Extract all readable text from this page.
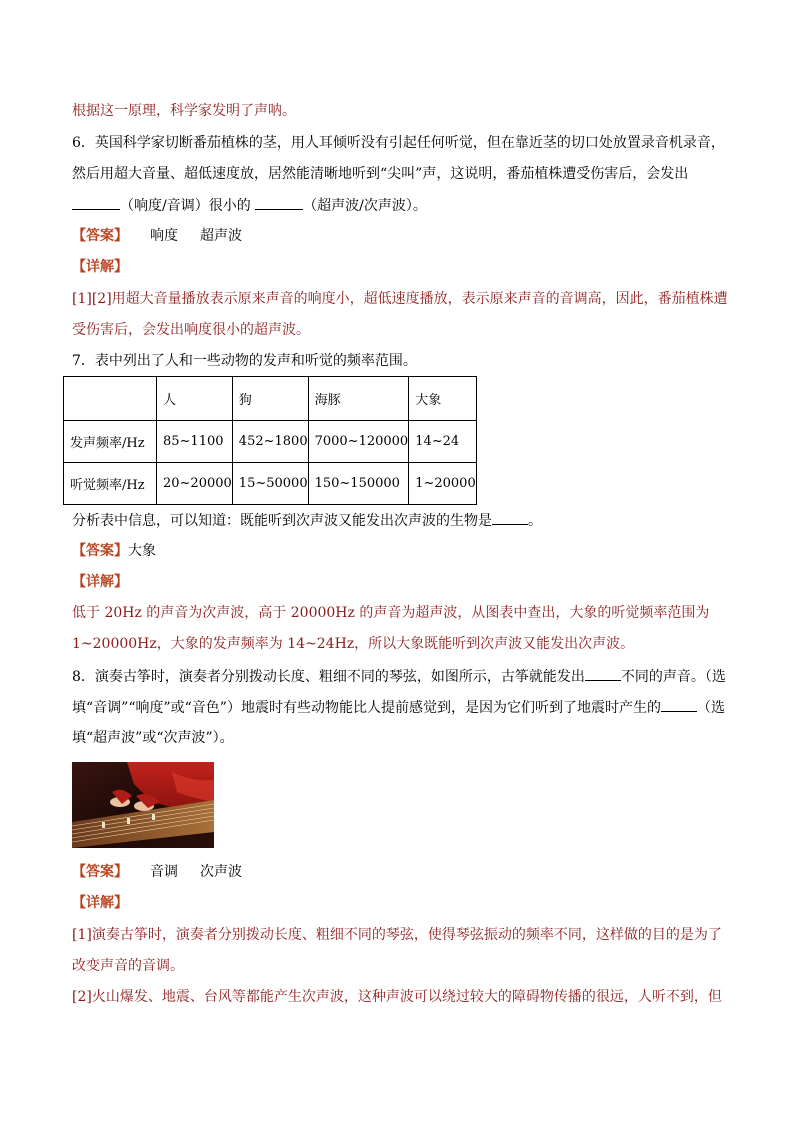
根据这一原理，科学家发明了声呐。
6．英国科学家切断番茄植株的茎，用人耳倾听没有引起任何听觉，但在靠近茎的切口处放置录音机录音，
然后用超大音量、超低速度放，居然能清晰地听到“尖叫”声，这说明，番茄植株遭受伤害后，会发出
（响度/音调）很小的	（超声波/次声波）。
【答案】 响度 超声波
【详解】
[1][2]用超大音量播放表示原来声音的响度小，超低速度播放，表示原来声音的音调高，因此，番茄植株遭
受伤害后，会发出响度很小的超声波。
7．表中列出了人和一些动物的发声和听觉的频率范围。
	人	狗	海豚	大象
发声频率/Hz	85~1100	452~1800	7000~120000	14~24
听觉频率/Hz	20~20000	15~50000	150~150000	1~20000
分析表中信息，可以知道：既能听到次声波又能发出次声波的生物是	。
【答案】大象
【详解】
低于 20Hz 的声音为次声波，高于 20000Hz 的声音为超声波，从图表中查出，大象的听觉频率范围为
1~20000Hz，大象的发声频率为 14~24Hz，所以大象既能听到次声波又能发出次声波。
8．演奏古筝时，演奏者分别拨动长度、粗细不同的琴弦，如图所示，古筝就能发出	不同的声音。（选
填“音调”“响度”或“音色”）地震时有些动物能比人提前感觉到，是因为它们听到了地震时产生的	（选
填“超声波”或“次声波”）。
【答案】 音调 次声波
【详解】
[1]演奏古筝时，演奏者分别拨动长度、粗细不同的琴弦，使得琴弦振动的频率不同，这样做的目的是为了
改变声音的音调。
[2]火山爆发、地震、台风等都能产生次声波，这种声波可以绕过较大的障碍物传播的很远，人听不到，但
